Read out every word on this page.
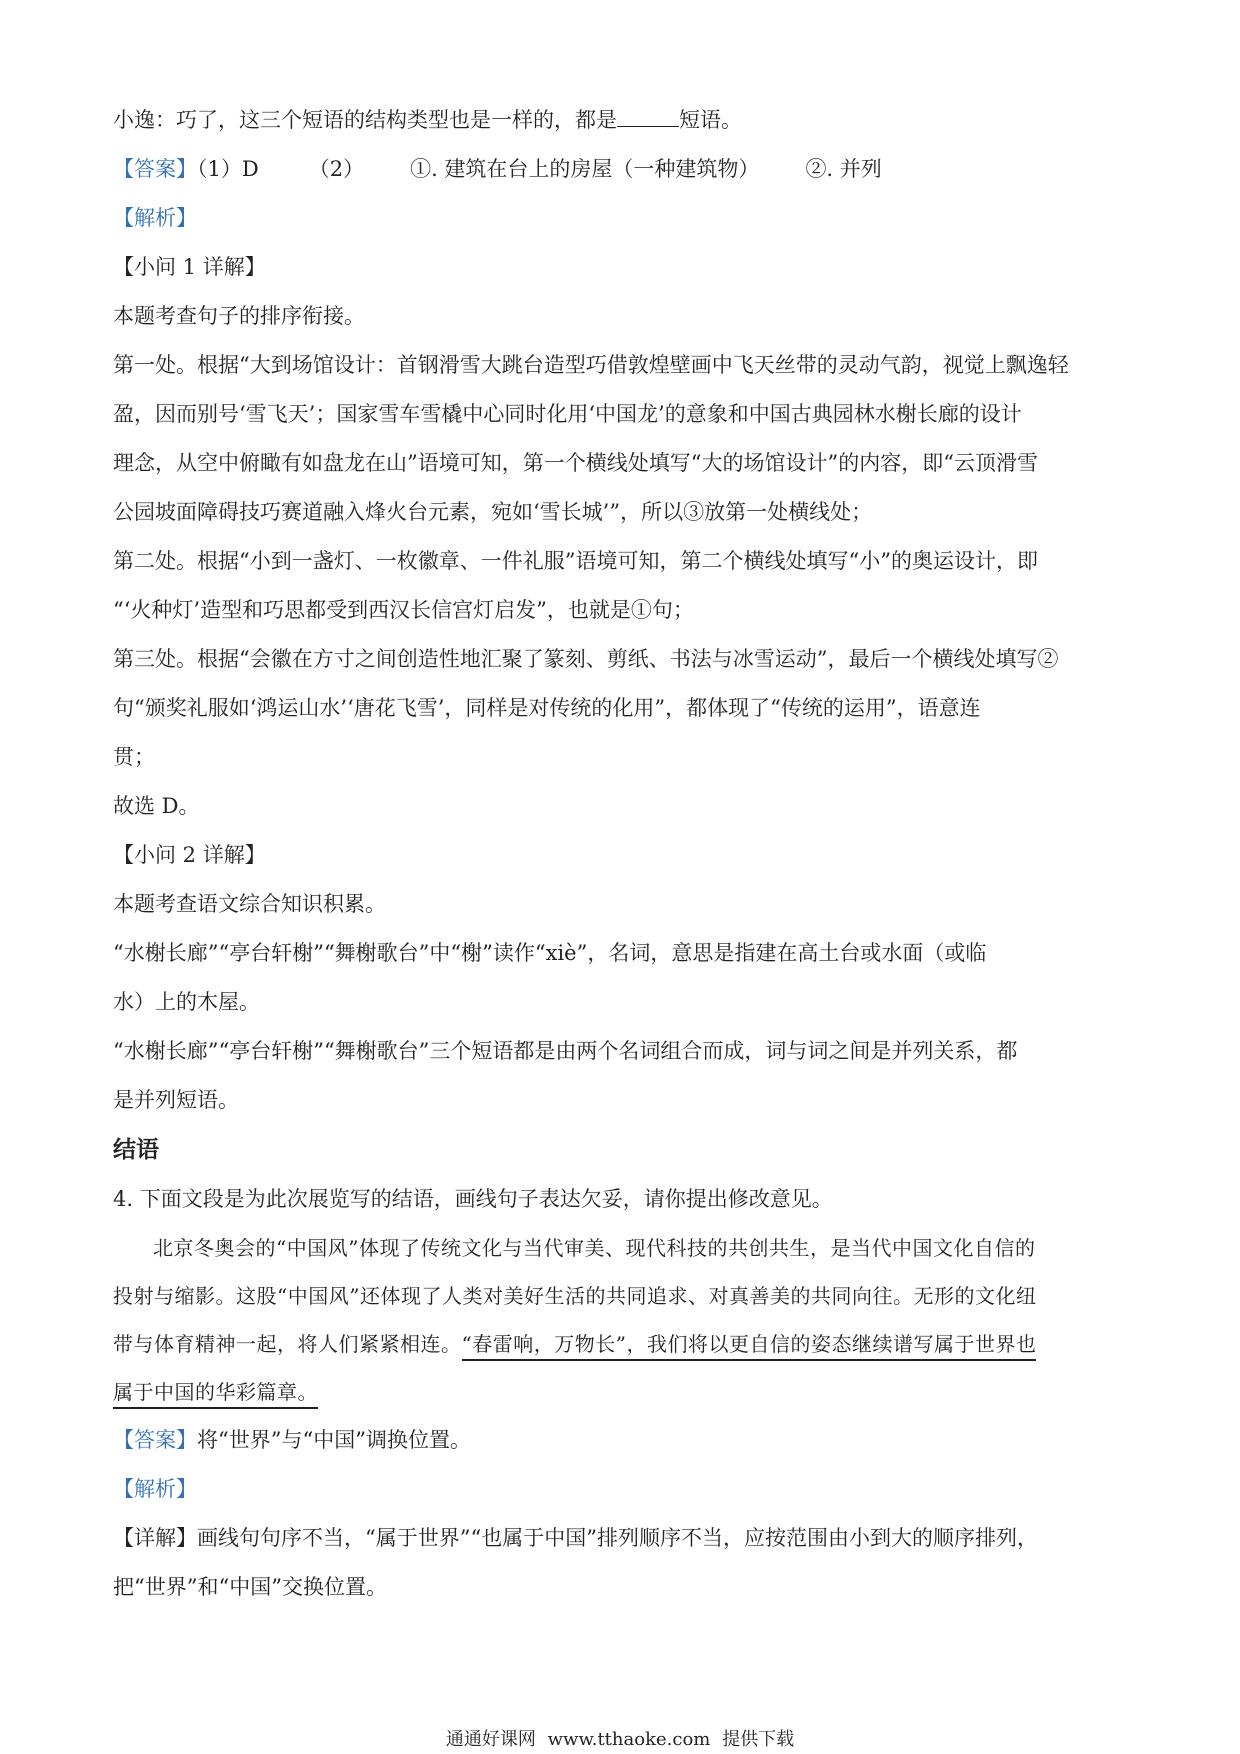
小逸：巧了，这三个短语的结构类型也是一样的，都是	短语。

【答案】（1）D （2） ①. 建筑在台上的房屋（一种建筑物） ②. 并列

【解析】

【小问 1 详解】

本题考查句子的排序衔接。

第一处。根据“大到场馆设计：首钢滑雪大跳台造型巧借敦煌壁画中飞天丝带的灵动气韵，视觉上飘逸轻

盈，因而别号‘雪飞天’；国家雪车雪橇中心同时化用‘中国龙’的意象和中国古典园林水榭长廊的设计

理念，从空中俯瞰有如盘龙在山”语境可知，第一个横线处填写“大的场馆设计”的内容，即“云顶滑雪

公园坡面障碍技巧赛道融入烽火台元素，宛如‘雪长城’”，所以③放第一处横线处；

第二处。根据“小到一盏灯、一枚徽章、一件礼服”语境可知，第二个横线处填写“小”的奥运设计，即

“‘火种灯’造型和巧思都受到西汉长信宫灯启发”，也就是①句；

第三处。根据“会徽在方寸之间创造性地汇聚了篆刻、剪纸、书法与冰雪运动”，最后一个横线处填写②

句“颁奖礼服如‘鸿运山水’‘唐花飞雪’，同样是对传统的化用”，都体现了“传统的运用”，语意连

贯；

故选 D。

【小问 2 详解】

本题考查语文综合知识积累。

“水榭长廊”“亭台轩榭”“舞榭歌台”中“榭”读作“xiè”，名词，意思是指建在高土台或水面（或临

水）上的木屋。

“水榭长廊”“亭台轩榭”“舞榭歌台”三个短语都是由两个名词组合而成，词与词之间是并列关系，都

是并列短语。

结语

4. 下面文段是为此次展览写的结语，画线句子表达欠妥，请你提出修改意见。

北京冬奥会的“中国风”体现了传统文化与当代审美、现代科技的共创共生，是当代中国文化自信的

投射与缩影。这股“中国风”还体现了人类对美好生活的共同追求、对真善美的共同向往。无形的文化纽

带与体育精神一起，将人们紧紧相连。“春雷响，万物长”，我们将以更自信的姿态继续谱写属于世界也

属于中国的华彩篇章。

【答案】将“世界”与“中国”调换位置。

【解析】

【详解】画线句句序不当，“属于世界”“也属于中国”排列顺序不当，应按范围由小到大的顺序排列，

把“世界”和“中国”交换位置。

通通好课网 www.tthaoke.com 提供下载
